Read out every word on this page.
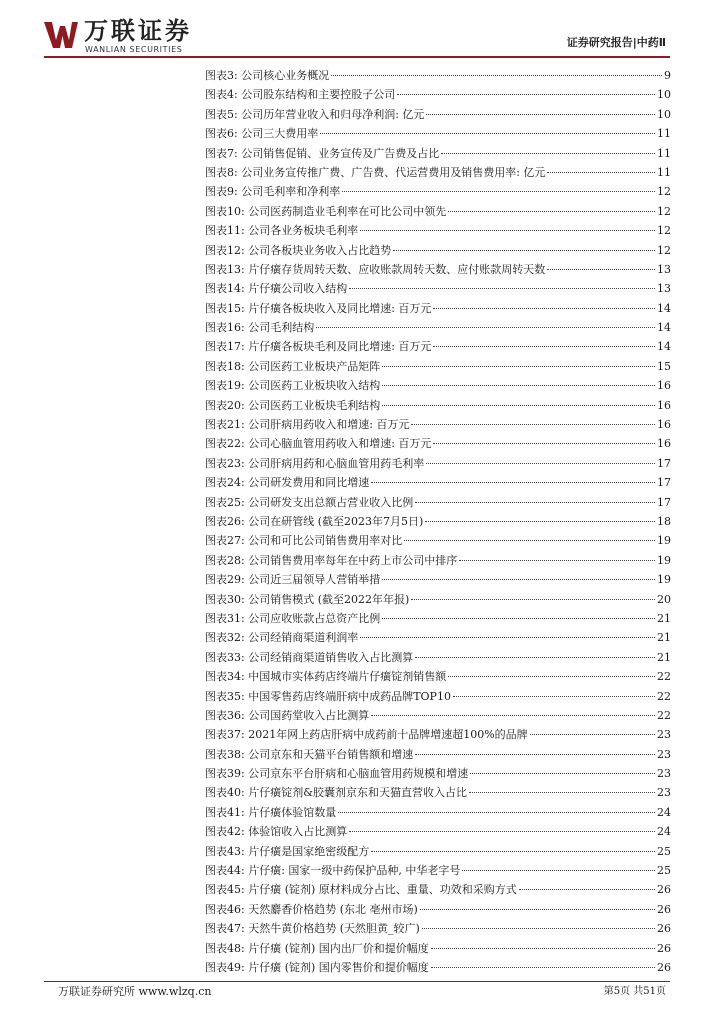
万联证券
WANLIAN SECURITIES
证券研究报告|中药Ⅱ
图表3: 公司核心业务概况	9
图表4: 公司股东结构和主要控股子公司	10
图表5: 公司历年营业收入和归母净利润: 亿元	10
图表6: 公司三大费用率	11
图表7: 公司销售促销、业务宣传及广告费及占比	11
图表8: 公司业务宣传推广费、广告费、代运营费用及销售费用率: 亿元	11
图表9: 公司毛利率和净利率	12
图表10: 公司医药制造业毛利率在可比公司中领先	12
图表11: 公司各业务板块毛利率	12
图表12: 公司各板块业务收入占比趋势	12
图表13: 片仔癀存货周转天数、应收账款周转天数、应付账款周转天数	13
图表14: 片仔癀公司收入结构	13
图表15: 片仔癀各板块收入及同比增速: 百万元	14
图表16: 公司毛利结构	14
图表17: 片仔癀各板块毛利及同比增速: 百万元	14
图表18: 公司医药工业板块产品矩阵	15
图表19: 公司医药工业板块收入结构	16
图表20: 公司医药工业板块毛利结构	16
图表21: 公司肝病用药收入和增速: 百万元	16
图表22: 公司心脑血管用药收入和增速: 百万元	16
图表23: 公司肝病用药和心脑血管用药毛利率	17
图表24: 公司研发费用和同比增速	17
图表25: 公司研发支出总额占营业收入比例	17
图表26: 公司在研管线 (截至2023年7月5日)	18
图表27: 公司和可比公司销售费用率对比	19
图表28: 公司销售费用率每年在中药上市公司中排序	19
图表29: 公司近三届领导人营销举措	19
图表30: 公司销售模式 (截至2022年年报)	20
图表31: 公司应收账款占总资产比例	21
图表32: 公司经销商渠道利润率	21
图表33: 公司经销商渠道销售收入占比测算	21
图表34: 中国城市实体药店终端片仔癀锭剂销售额	22
图表35: 中国零售药店终端肝病中成药品牌TOP10	22
图表36: 公司国药堂收入占比测算	22
图表37: 2021年网上药店肝病中成药前十品牌增速超100%的品牌	23
图表38: 公司京东和天猫平台销售额和增速	23
图表39: 公司京东平台肝病和心脑血管用药规模和增速	23
图表40: 片仔癀锭剂&胶囊剂京东和天猫直营收入占比	23
图表41: 片仔癀体验馆数量	24
图表42: 体验馆收入占比测算	24
图表43: 片仔癀是国家绝密级配方	25
图表44: 片仔癀: 国家一级中药保护品种, 中华老字号	25
图表45: 片仔癀 (锭剂) 原材料成分占比、重量、功效和采购方式	26
图表46: 天然麝香价格趋势 (东北 亳州市场)	26
图表47: 天然牛黄价格趋势 (天然胆黄_较广)	26
图表48: 片仔癀 (锭剂) 国内出厂价和提价幅度	26
图表49: 片仔癀 (锭剂) 国内零售价和提价幅度	26
万联证券研究所 www.wlzq.cn	第5页 共51页
